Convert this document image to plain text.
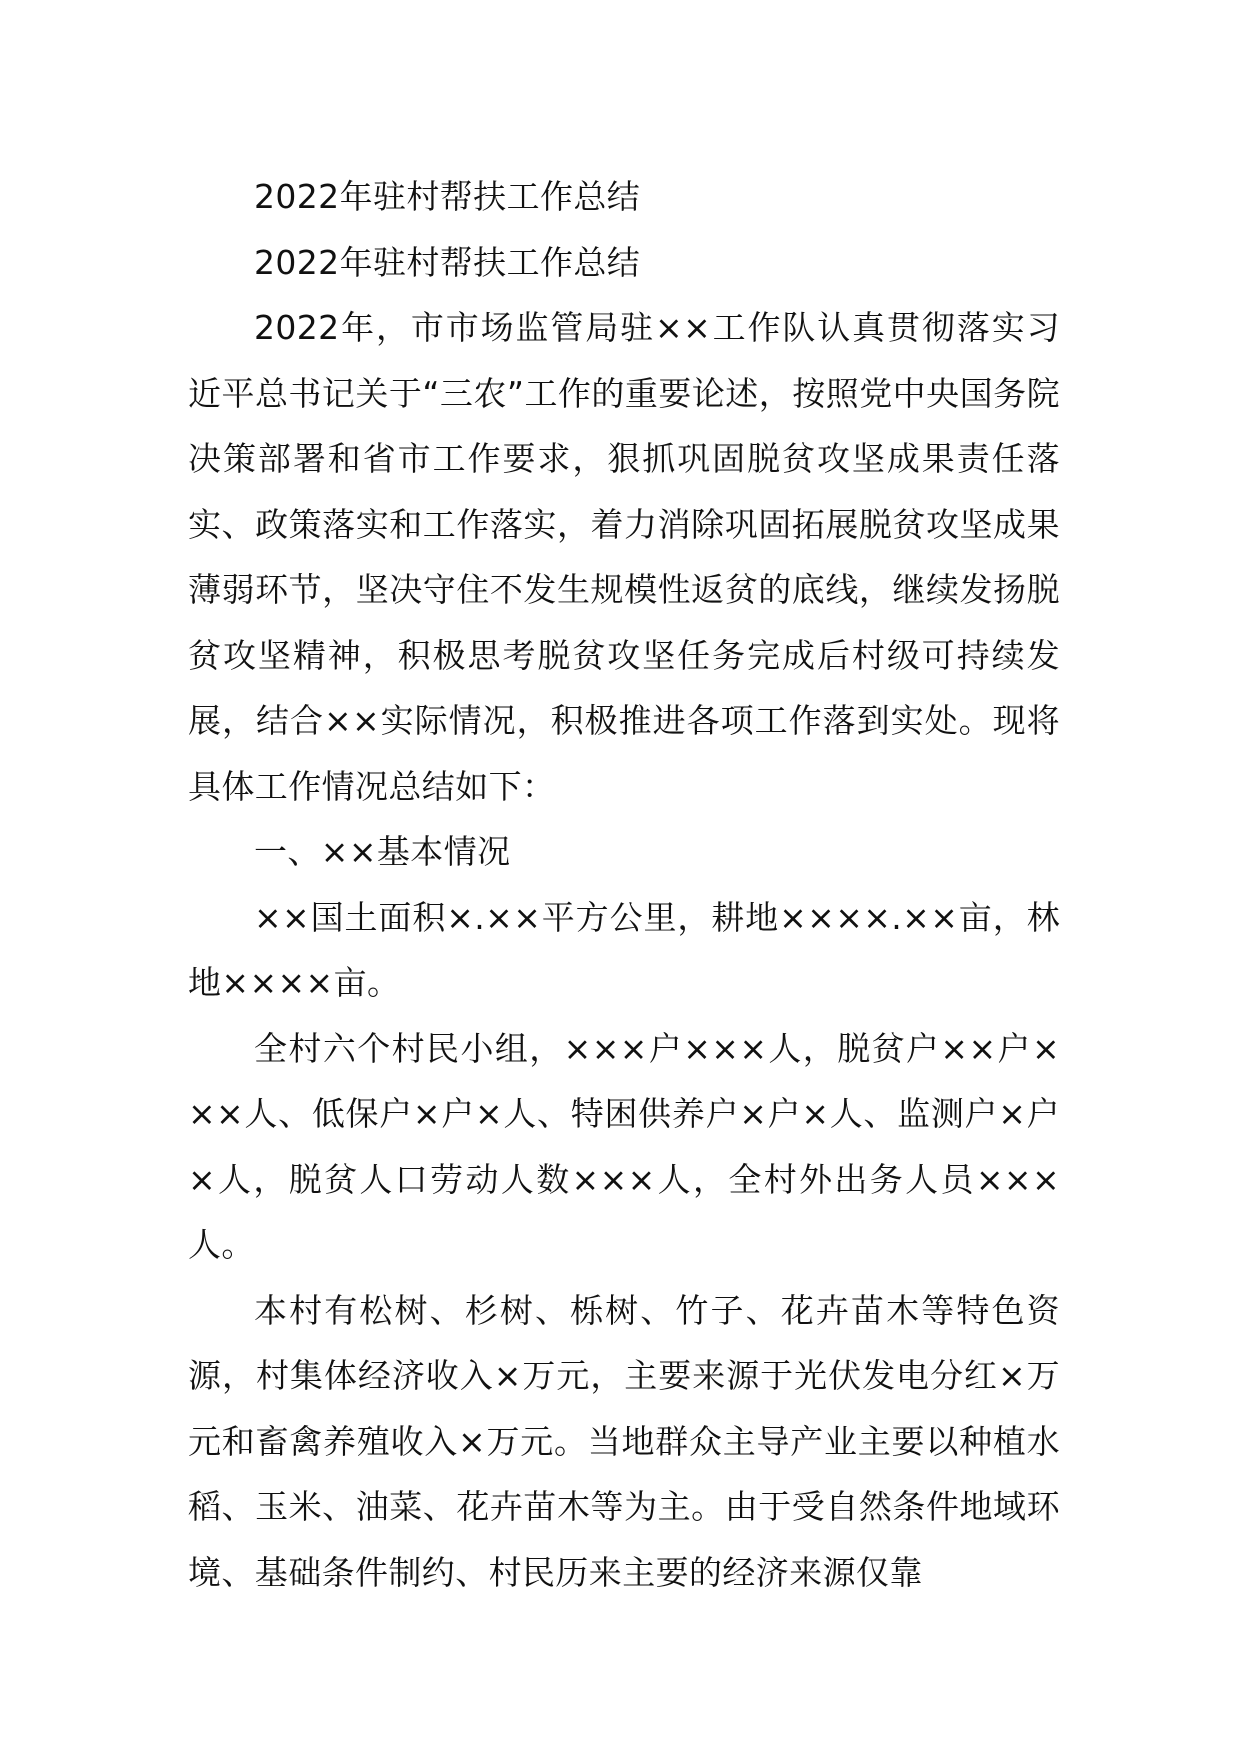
2022年驻村帮扶工作总结

2022年驻村帮扶工作总结

2022年，市市场监管局驻××工作队认真贯彻落实习近平总书记关于“三农”工作的重要论述，按照党中央国务院决策部署和省市工作要求，狠抓巩固脱贫攻坚成果责任落实、政策落实和工作落实，着力消除巩固拓展脱贫攻坚成果薄弱环节，坚决守住不发生规模性返贫的底线，继续发扬脱贫攻坚精神，积极思考脱贫攻坚任务完成后村级可持续发展，结合××实际情况，积极推进各项工作落到实处。现将具体工作情况总结如下：

一、××基本情况

××国土面积×.××平方公里，耕地××××.××亩，林地××××亩。

全村六个村民小组，×××户×××人，脱贫户××户×××人、低保户×户×人、特困供养户×户×人、监测户×户×人，脱贫人口劳动人数×××人，全村外出务人员×××人。

本村有松树、杉树、栎树、竹子、花卉苗木等特色资源，村集体经济收入×万元，主要来源于光伏发电分红×万元和畜禽养殖收入×万元。当地群众主导产业主要以种植水稻、玉米、油菜、花卉苗木等为主。由于受自然条件地域环境、基础条件制约、村民历来主要的经济来源仅靠
